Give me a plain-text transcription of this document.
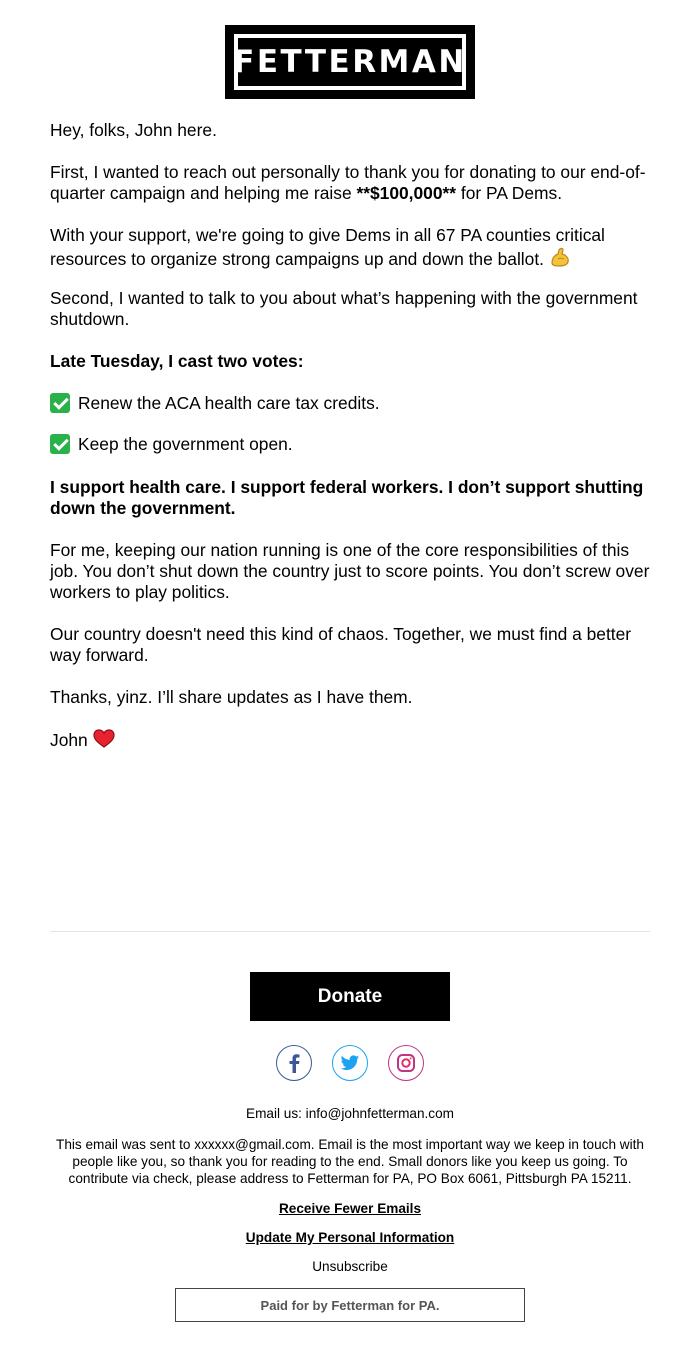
FETTERMAN

Hey, folks, John here.

First, I wanted to reach out personally to thank you for donating to our end-of-quarter campaign and helping me raise **$100,000** for PA Dems.

With your support, we're going to give Dems in all 67 PA counties critical resources to organize strong campaigns up and down the ballot.

Second, I wanted to talk to you about what’s happening with the government shutdown.

Late Tuesday, I cast two votes:

Renew the ACA health care tax credits.

Keep the government open.

I support health care. I support federal workers. I don’t support shutting down the government.

For me, keeping our nation running is one of the core responsibilities of this job. You don’t shut down the country just to score points. You don’t screw over workers to play politics.

Our country doesn't need this kind of chaos. Together, we must find a better way forward.

Thanks, yinz. I’ll share updates as I have them.

John

Donate
Email us: info@johnfetterman.com
This email was sent to xxxxxx@gmail.com. Email is the most important way we keep in touch with people like you, so thank you for reading to the end. Small donors like you keep us going. To contribute via check, please address to Fetterman for PA, PO Box 6061, Pittsburgh PA 15211.
Receive Fewer Emails
Update My Personal Information
Unsubscribe
Paid for by Fetterman for PA.
